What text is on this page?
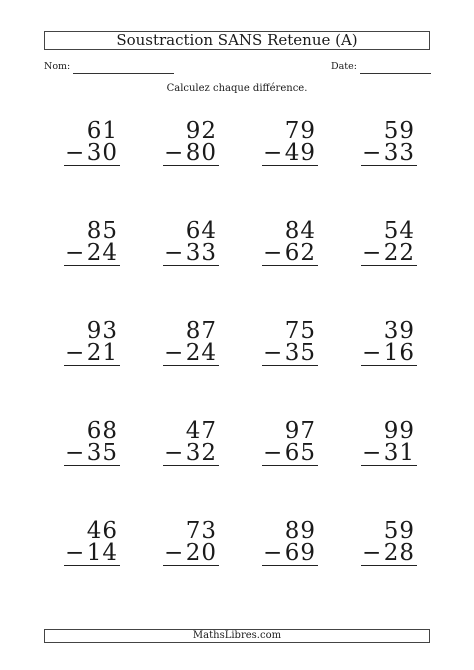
Soustraction SANS Retenue (A)
Nom:	Date:
Calculez chaque différence.
61
− 30
92
− 80
79
− 49
59
− 33
85
− 24
64
− 33
84
− 62
54
− 22
93
− 21
87
− 24
75
− 35
39
− 16
68
− 35
47
− 32
97
− 65
99
− 31
46
− 14
73
− 20
89
− 69
59
− 28
MathsLibres.com
